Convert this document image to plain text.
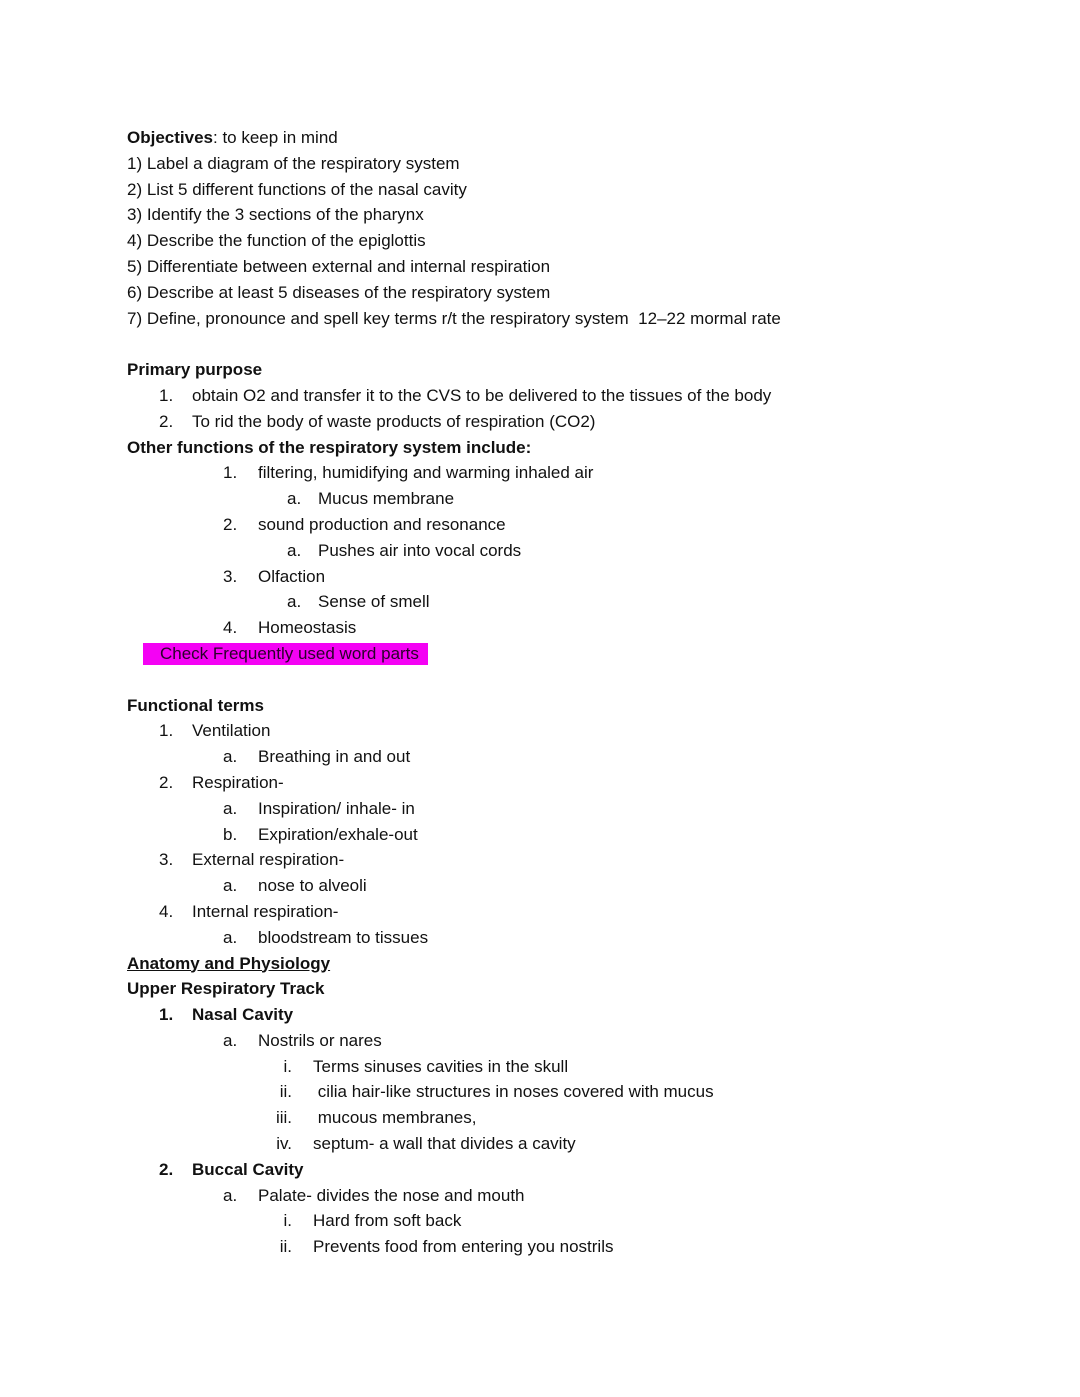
Objectives: to keep in mind
1) Label a diagram of the respiratory system
2) List 5 different functions of the nasal cavity
3) Identify the 3 sections of the pharynx
4) Describe the function of the epiglottis
5) Differentiate between external and internal respiration
6) Describe at least 5 diseases of the respiratory system
7) Define, pronounce and spell key terms r/t the respiratory system  12–22 mormal rate
Primary purpose
1. obtain O2 and transfer it to the CVS to be delivered to the tissues of the body
2. To rid the body of waste products of respiration (CO2)
Other functions of the respiratory system include:
1. filtering, humidifying and warming inhaled air
a. Mucus membrane
2. sound production and resonance
a. Pushes air into vocal cords
3. Olfaction
a. Sense of smell
4. Homeostasis
Check Frequently used word parts
Functional terms
1. Ventilation
a. Breathing in and out
2. Respiration-
a. Inspiration/ inhale- in
b. Expiration/exhale-out
3. External respiration-
a. nose to alveoli
4. Internal respiration-
a. bloodstream to tissues
Anatomy and Physiology
Upper Respiratory Track
1. Nasal Cavity
a. Nostrils or nares
i. Terms sinuses cavities in the skull
ii. cilia hair-like structures in noses covered with mucus
iii. mucous membranes,
iv. septum- a wall that divides a cavity
2. Buccal Cavity
a. Palate- divides the nose and mouth
i. Hard from soft back
ii. Prevents food from entering you nostrils
